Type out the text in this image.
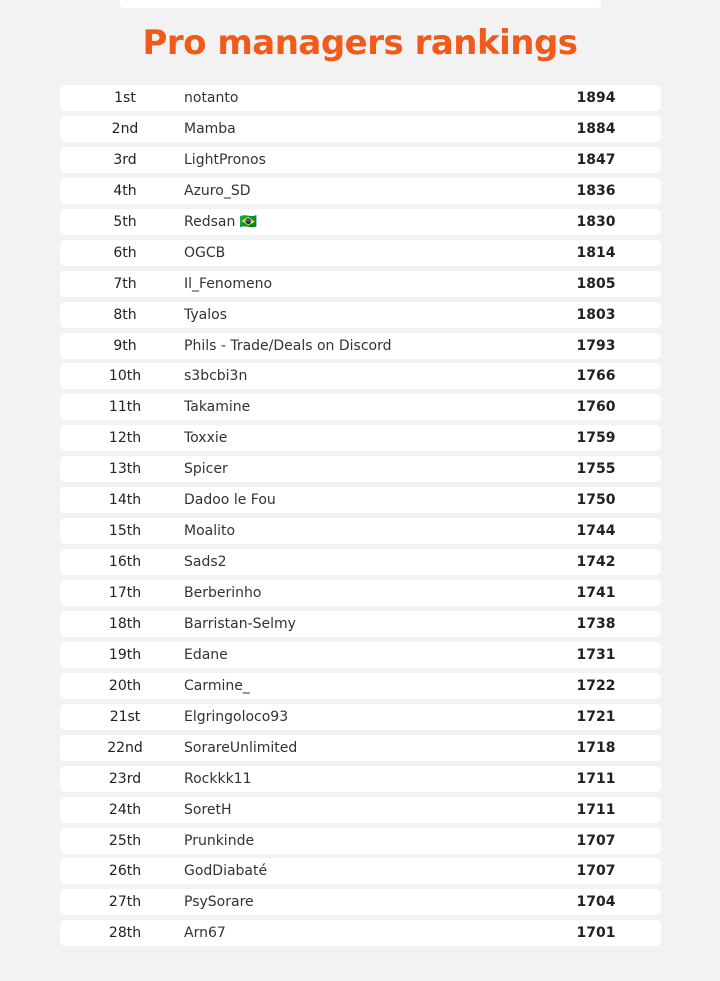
Pro managers rankings
1st	notanto	1894
2nd	Mamba	1884
3rd	LightPronos	1847
4th	Azuro_SD	1836
5th	Redsan 🇧🇷	1830
6th	OGCB	1814
7th	Il_Fenomeno	1805
8th	Tyalos	1803
9th	Phils - Trade/Deals on Discord	1793
10th	s3bcbi3n	1766
11th	Takamine	1760
12th	Toxxie	1759
13th	Spicer	1755
14th	Dadoo le Fou	1750
15th	Moalito	1744
16th	Sads2	1742
17th	Berberinho	1741
18th	Barristan-Selmy	1738
19th	Edane	1731
20th	Carmine_	1722
21st	Elgringoloco93	1721
22nd	SorareUnlimited	1718
23rd	Rockkk11	1711
24th	SoretH	1711
25th	Prunkinde	1707
26th	GodDiabaté	1707
27th	PsySorare	1704
28th	Arn67	1701
